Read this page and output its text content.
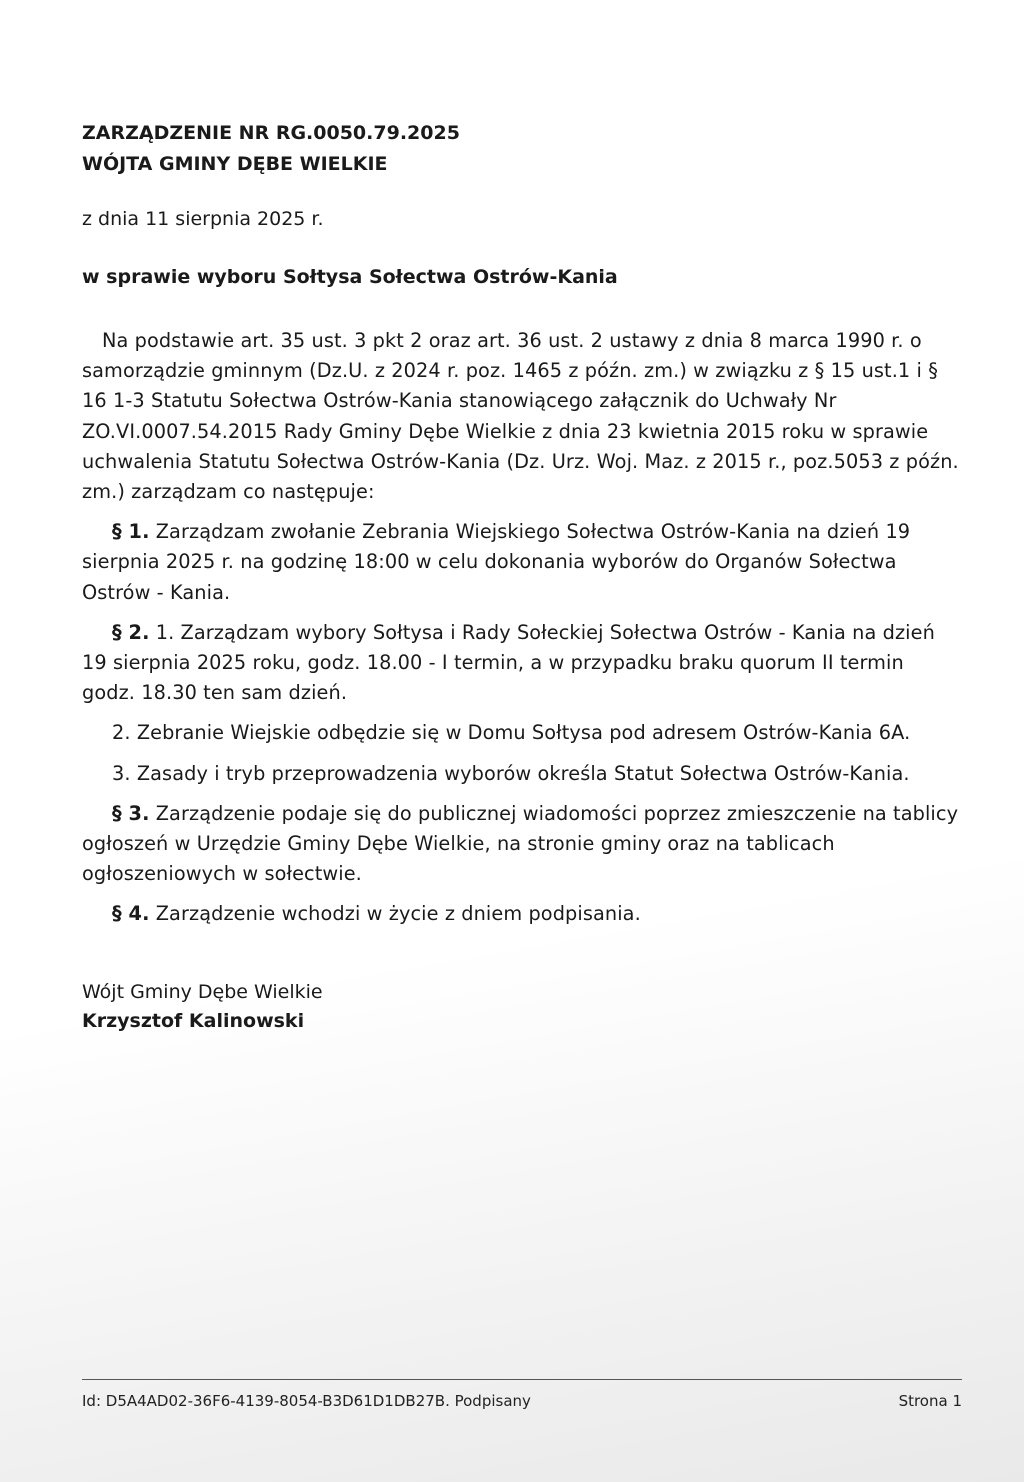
ZARZĄDZENIE NR RG.0050.79.2025

WÓJTA GMINY DĘBE WIELKIE

z dnia 11 sierpnia 2025 r.

w sprawie wyboru Sołtysa Sołectwa Ostrów-Kania

Na podstawie art. 35 ust. 3 pkt 2 oraz art. 36 ust. 2 ustawy z dnia 8 marca 1990 r. o samorządzie gminnym (Dz.U. z 2024 r. poz. 1465 z późn. zm.) w związku z § 15 ust.1 i § 16 1-3 Statutu Sołectwa Ostrów-Kania stanowiącego załącznik do Uchwały Nr ZO.VI.0007.54.2015 Rady Gminy Dębe Wielkie z dnia 23 kwietnia 2015 roku w sprawie uchwalenia Statutu Sołectwa Ostrów-Kania (Dz. Urz. Woj. Maz. z 2015 r., poz.5053 z późn. zm.) zarządzam co następuje:

§ 1. Zarządzam zwołanie Zebrania Wiejskiego Sołectwa Ostrów-Kania na dzień 19 sierpnia 2025 r. na godzinę 18:00 w celu dokonania wyborów do Organów Sołectwa Ostrów - Kania.

§ 2. 1. Zarządzam wybory Sołtysa i Rady Sołeckiej Sołectwa Ostrów - Kania na dzień 19 sierpnia 2025 roku, godz. 18.00 - I termin, a w przypadku braku quorum II termin godz. 18.30 ten sam dzień.

2. Zebranie Wiejskie odbędzie się w Domu Sołtysa pod adresem Ostrów-Kania 6A.

3. Zasady i tryb przeprowadzenia wyborów określa Statut Sołectwa Ostrów-Kania.

§ 3. Zarządzenie podaje się do publicznej wiadomości poprzez zmieszczenie na tablicy ogłoszeń w Urzędzie Gminy Dębe Wielkie, na stronie gminy oraz na tablicach ogłoszeniowych w sołectwie.

§ 4. Zarządzenie wchodzi w życie z dniem podpisania.

Wójt Gminy Dębe Wielkie
Krzysztof Kalinowski
Id: D5A4AD02-36F6-4139-8054-B3D61D1DB27B. Podpisany	Strona 1
